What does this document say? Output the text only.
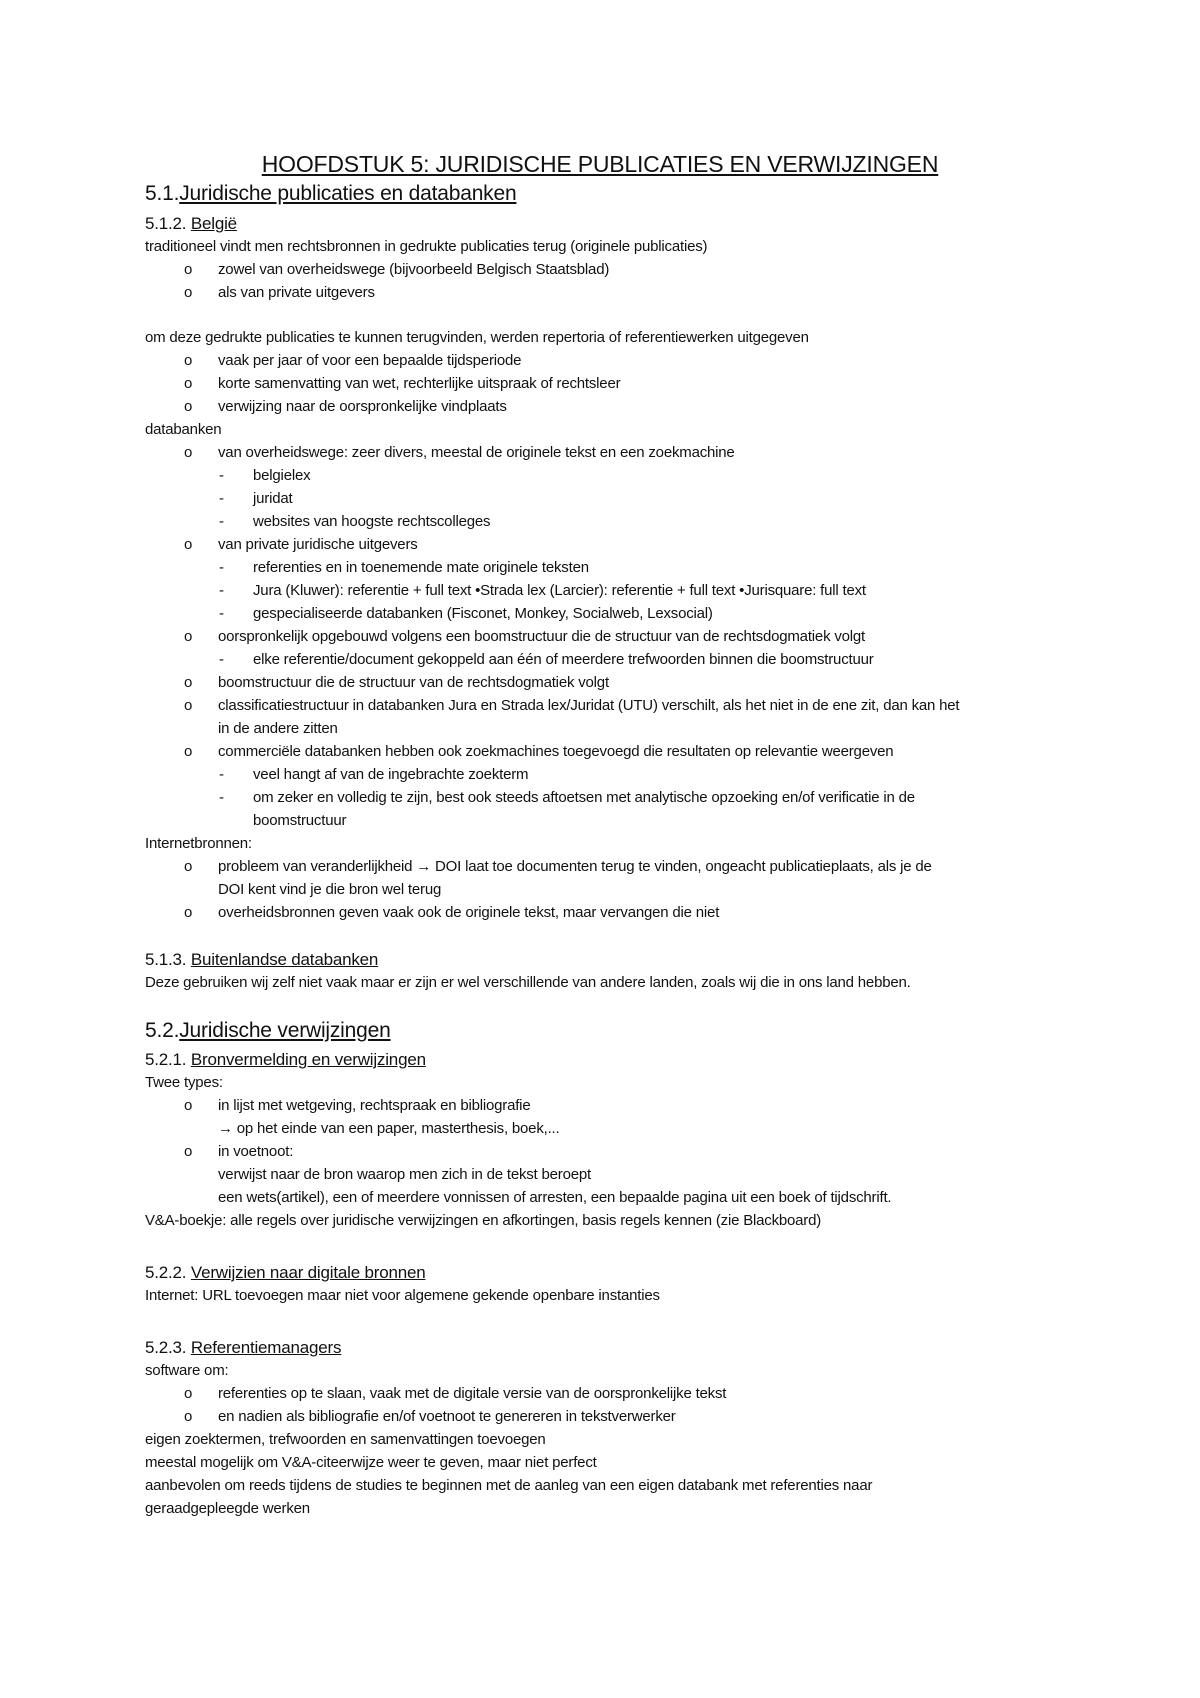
HOOFDSTUK 5: JURIDISCHE PUBLICATIES EN VERWIJZINGEN
5.1.Juridische publicaties en databanken
5.1.2. België
traditioneel vindt men rechtsbronnen in gedrukte publicaties terug (originele publicaties)
o zowel van overheidswege (bijvoorbeeld Belgisch Staatsblad)
o als van private uitgevers
om deze gedrukte publicaties te kunnen terugvinden, werden repertoria of referentiewerken uitgegeven
o vaak per jaar of voor een bepaalde tijdsperiode
o korte samenvatting van wet, rechterlijke uitspraak of rechtsleer
o verwijzing naar de oorspronkelijke vindplaats
databanken
o van overheidswege: zeer divers, meestal de originele tekst en een zoekmachine
- belgielex
- juridat
- websites van hoogste rechtscolleges
o van private juridische uitgevers
- referenties en in toenemende mate originele teksten
- Jura (Kluwer): referentie + full text •Strada lex (Larcier): referentie + full text •Jurisquare: full text
- gespecialiseerde databanken (Fisconet, Monkey, Socialweb, Lexsocial)
o oorspronkelijk opgebouwd volgens een boomstructuur die de structuur van de rechtsdogmatiek volgt
- elke referentie/document gekoppeld aan één of meerdere trefwoorden binnen die boomstructuur
o boomstructuur die de structuur van de rechtsdogmatiek volgt
o classificatiestructuur in databanken Jura en Strada lex/Juridat (UTU) verschilt, als het niet in de ene zit, dan kan het
in de andere zitten
o commerciële databanken hebben ook zoekmachines toegevoegd die resultaten op relevantie weergeven
- veel hangt af van de ingebrachte zoekterm
- om zeker en volledig te zijn, best ook steeds aftoetsen met analytische opzoeking en/of verificatie in de
boomstructuur
Internetbronnen:
o probleem van veranderlijkheid → DOI laat toe documenten terug te vinden, ongeacht publicatieplaats, als je de
DOI kent vind je die bron wel terug
o overheidsbronnen geven vaak ook de originele tekst, maar vervangen die niet
5.1.3. Buitenlandse databanken
Deze gebruiken wij zelf niet vaak maar er zijn er wel verschillende van andere landen, zoals wij die in ons land hebben.
5.2.Juridische verwijzingen
5.2.1. Bronvermelding en verwijzingen
Twee types:
o in lijst met wetgeving, rechtspraak en bibliografie
→ op het einde van een paper, masterthesis, boek,...
o in voetnoot:
verwijst naar de bron waarop men zich in de tekst beroept
een wets(artikel), een of meerdere vonnissen of arresten, een bepaalde pagina uit een boek of tijdschrift.
V&A-boekje: alle regels over juridische verwijzingen en afkortingen, basis regels kennen (zie Blackboard)
5.2.2. Verwijzien naar digitale bronnen
Internet: URL toevoegen maar niet voor algemene gekende openbare instanties
5.2.3. Referentiemanagers
software om:
o referenties op te slaan, vaak met de digitale versie van de oorspronkelijke tekst
o en nadien als bibliografie en/of voetnoot te genereren in tekstverwerker
eigen zoektermen, trefwoorden en samenvattingen toevoegen
meestal mogelijk om V&A-citeerwijze weer te geven, maar niet perfect
aanbevolen om reeds tijdens de studies te beginnen met de aanleg van een eigen databank met referenties naar
geraadgepleegde werken
